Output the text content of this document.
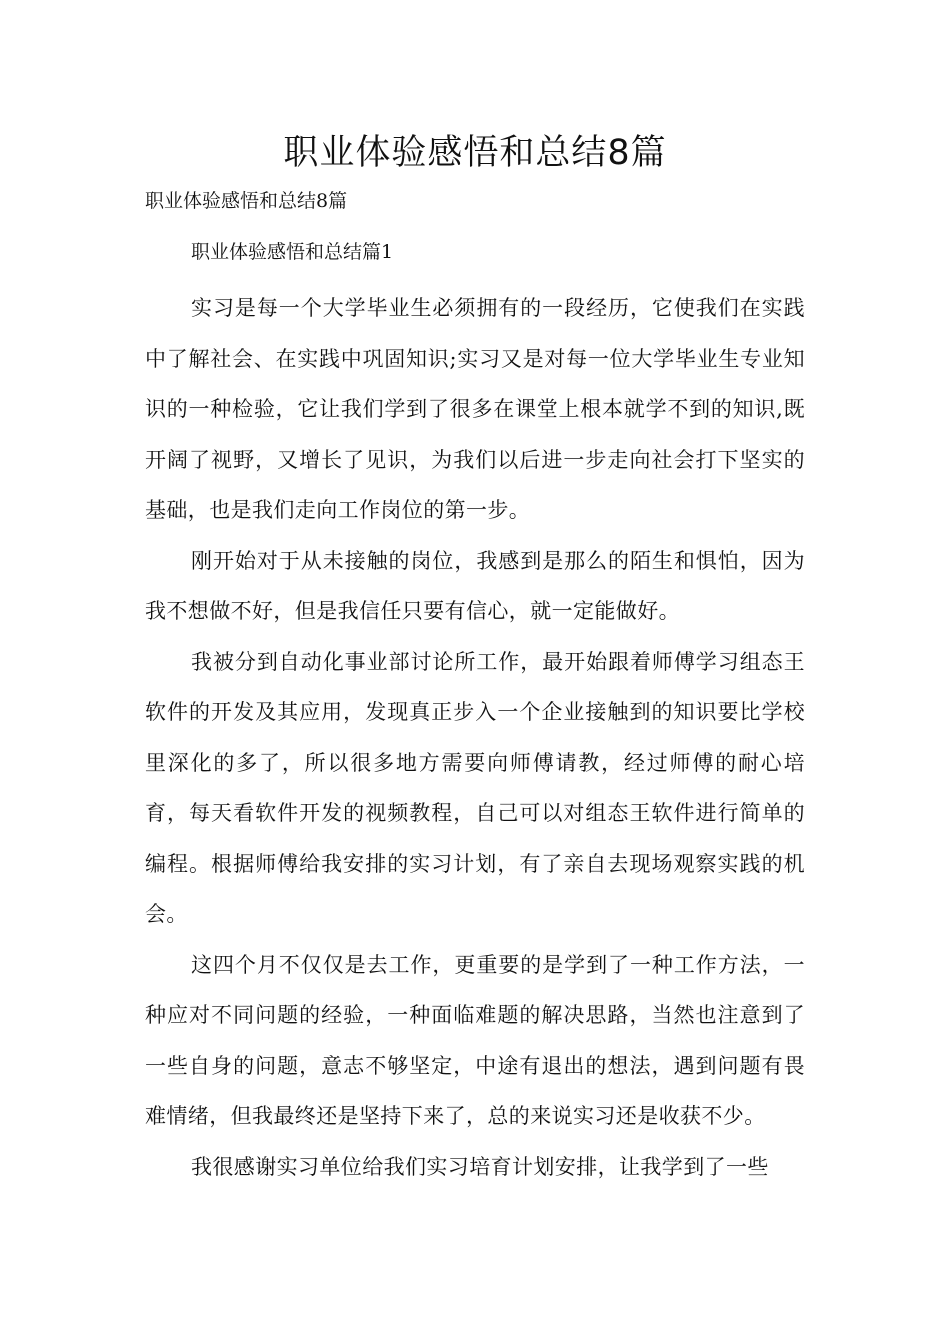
职业体验感悟和总结8篇

职业体验感悟和总结8篇

职业体验感悟和总结篇1

实习是每一个大学毕业生必须拥有的一段经历，它使我们在实践中了解社会、在实践中巩固知识;实习又是对每一位大学毕业生专业知识的一种检验，它让我们学到了很多在课堂上根本就学不到的知识,既开阔了视野，又增长了见识，为我们以后进一步走向社会打下坚实的基础，也是我们走向工作岗位的第一步。

刚开始对于从未接触的岗位，我感到是那么的陌生和惧怕，因为我不想做不好，但是我信任只要有信心，就一定能做好。

我被分到自动化事业部讨论所工作，最开始跟着师傅学习组态王软件的开发及其应用，发现真正步入一个企业接触到的知识要比学校里深化的多了，所以很多地方需要向师傅请教，经过师傅的耐心培育，每天看软件开发的视频教程，自己可以对组态王软件进行简单的编程。根据师傅给我安排的实习计划，有了亲自去现场观察实践的机会。

这四个月不仅仅是去工作，更重要的是学到了一种工作方法，一种应对不同问题的经验，一种面临难题的解决思路，当然也注意到了一些自身的问题，意志不够坚定，中途有退出的想法，遇到问题有畏难情绪，但我最终还是坚持下来了，总的来说实习还是收获不少。

我很感谢实习单位给我们实习培育计划安排，让我学到了一些
